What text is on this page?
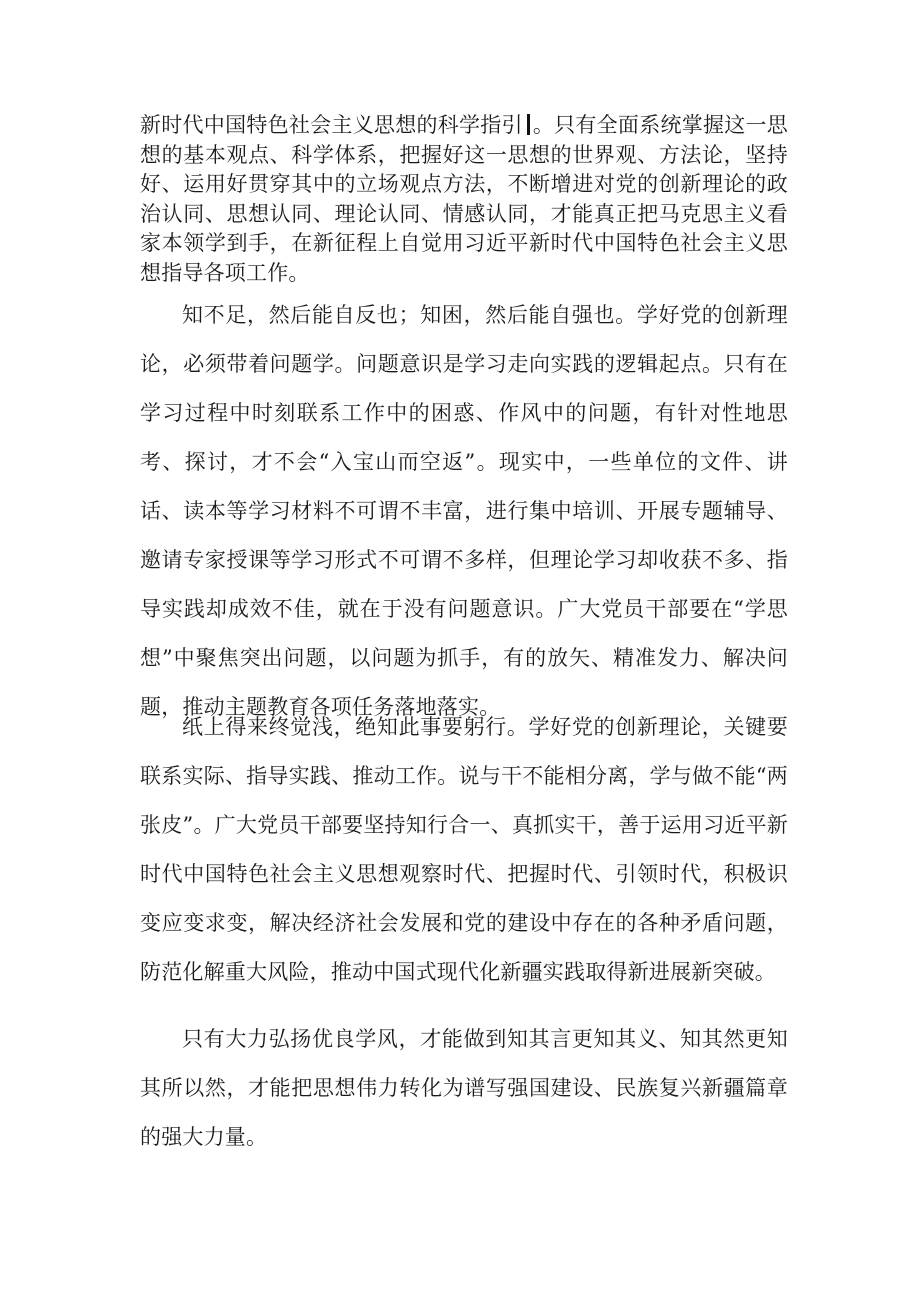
新时代中国特色社会主义思想的科学指引 。只有全面系统掌握这一思想的基本观点、科学体系，把握好这一思想的世界观、方法论，坚持好、运用好贯穿其中的立场观点方法，不断增进对党的创新理论的政治认同、思想认同、理论认同、情感认同，才能真正把马克思主义看家本领学到手，在新征程上自觉用习近平新时代中国特色社会主义思想指导各项工作。

知不足，然后能自反也；知困，然后能自强也。学好党的创新理论，必须带着问题学。问题意识是学习走向实践的逻辑起点。只有在学习过程中时刻联系工作中的困惑、作风中的问题，有针对性地思考、探讨，才不会“入宝山而空返”。现实中，一些单位的文件、讲话、读本等学习材料不可谓不丰富，进行集中培训、开展专题辅导、邀请专家授课等学习形式不可谓不多样，但理论学习却收获不多、指导实践却成效不佳，就在于没有问题意识。广大党员干部要在“学思想”中聚焦突出问题，以问题为抓手，有的放矢、精准发力、解决问题，推动主题教育各项任务落地落实。

纸上得来终觉浅，绝知此事要躬行。学好党的创新理论，关键要联系实际、指导实践、推动工作。说与干不能相分离，学与做不能“两张皮”。广大党员干部要坚持知行合一、真抓实干，善于运用习近平新时代中国特色社会主义思想观察时代、把握时代、引领时代，积极识变应变求变，解决经济社会发展和党的建设中存在的各种矛盾问题，防范化解重大风险，推动中国式现代化新疆实践取得新进展新突破。

只有大力弘扬优良学风，才能做到知其言更知其义、知其然更知其所以然，才能把思想伟力转化为谱写强国建设、民族复兴新疆篇章的强大力量。
